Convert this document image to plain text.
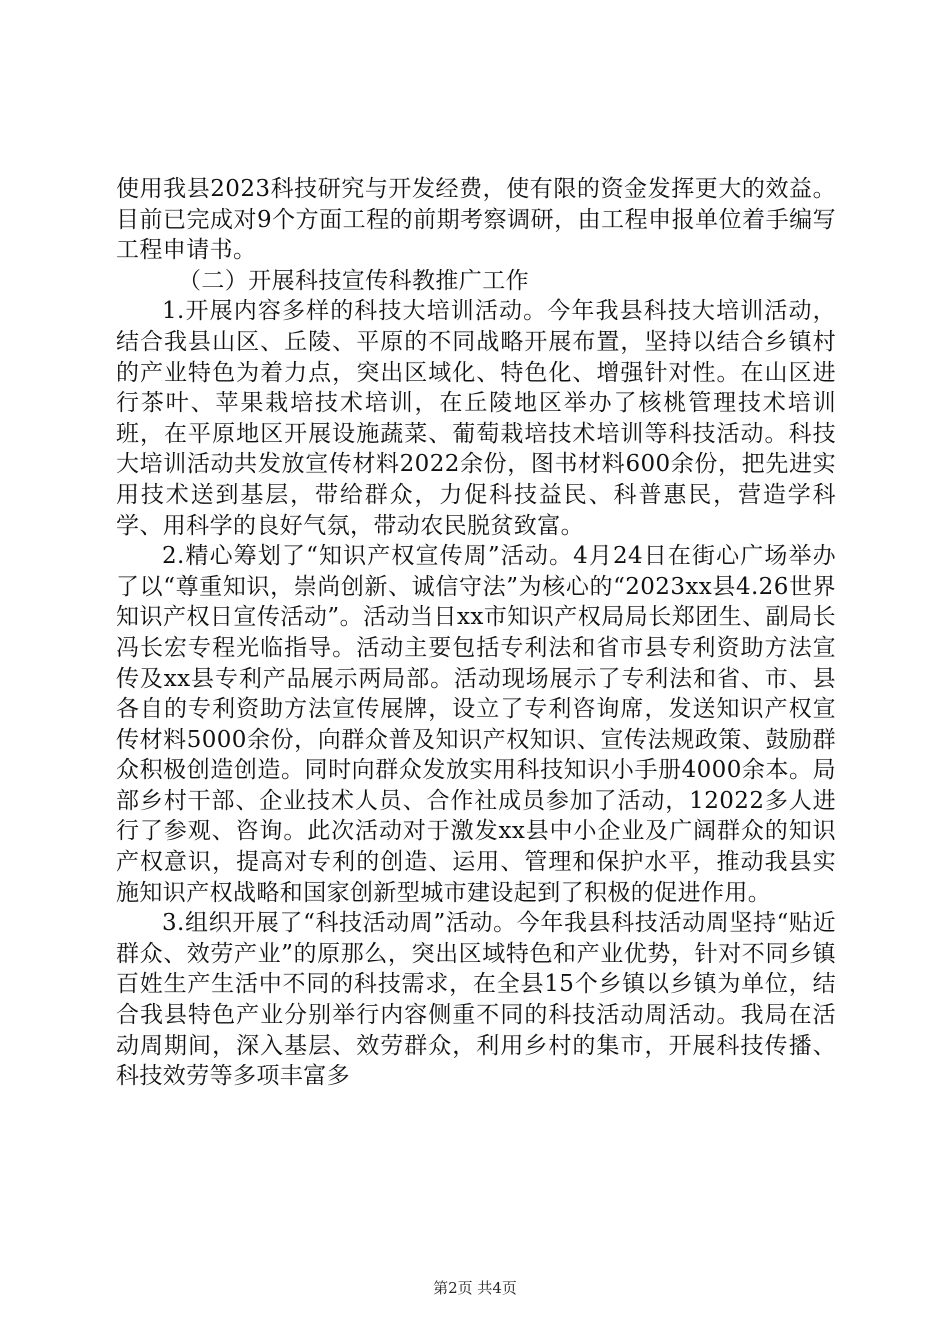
使用我县2023科技研究与开发经费，使有限的资金发挥更大的效益。目前已完成对9个方面工程的前期考察调研，由工程申报单位着手编写工程申请书。

（二）开展科技宣传科教推广工作

1.开展内容多样的科技大培训活动。今年我县科技大培训活动，结合我县山区、丘陵、平原的不同战略开展布置，坚持以结合乡镇村的产业特色为着力点，突出区域化、特色化、增强针对性。在山区进行茶叶、苹果栽培技术培训，在丘陵地区举办了核桃管理技术培训班，在平原地区开展设施蔬菜、葡萄栽培技术培训等科技活动。科技大培训活动共发放宣传材料2022余份，图书材料600余份，把先进实用技术送到基层，带给群众，力促科技益民、科普惠民，营造学科学、用科学的良好气氛，带动农民脱贫致富。

2.精心筹划了“知识产权宣传周”活动。4月24日在街心广场举办了以“尊重知识，崇尚创新、诚信守法”为核心的“2023xx县4.26世界知识产权日宣传活动”。活动当日xx市知识产权局局长郑团生、副局长冯长宏专程光临指导。活动主要包括专利法和省市县专利资助方法宣传及xx县专利产品展示两局部。活动现场展示了专利法和省、市、县各自的专利资助方法宣传展牌，设立了专利咨询席，发送知识产权宣传材料5000余份，向群众普及知识产权知识、宣传法规政策、鼓励群众积极创造创造。同时向群众发放实用科技知识小手册4000余本。局部乡村干部、企业技术人员、合作社成员参加了活动，12022多人进行了参观、咨询。此次活动对于激发xx县中小企业及广阔群众的知识产权意识，提高对专利的创造、运用、管理和保护水平，推动我县实施知识产权战略和国家创新型城市建设起到了积极的促进作用。

3.组织开展了“科技活动周”活动。今年我县科技活动周坚持“贴近群众、效劳产业”的原那么，突出区域特色和产业优势，针对不同乡镇百姓生产生活中不同的科技需求，在全县15个乡镇以乡镇为单位，结合我县特色产业分别举行内容侧重不同的科技活动周活动。我局在活动周期间，深入基层、效劳群众，利用乡村的集市，开展科技传播、科技效劳等多项丰富多

第2页 共4页
